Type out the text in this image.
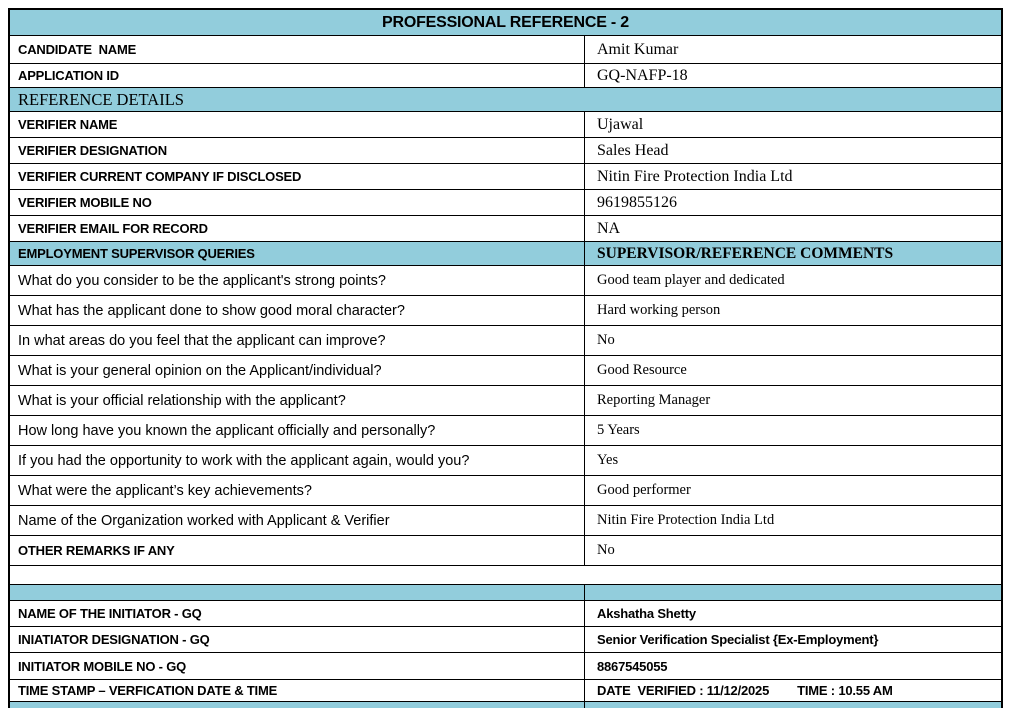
PROFESSIONAL REFERENCE - 2
CANDIDATE  NAME	Amit Kumar
APPLICATION ID	GQ-NAFP-18
REFERENCE DETAILS
VERIFIER NAME	Ujawal
VERIFIER DESIGNATION	Sales Head
VERIFIER CURRENT COMPANY IF DISCLOSED	Nitin Fire Protection India Ltd
VERIFIER MOBILE NO	9619855126
VERIFIER EMAIL FOR RECORD	NA
EMPLOYMENT SUPERVISOR QUERIES	SUPERVISOR/REFERENCE COMMENTS
What do you consider to be the applicant's strong points?	Good team player and dedicated
What has the applicant done to show good moral character?	Hard working person
In what areas do you feel that the applicant can improve?	No
What is your general opinion on the Applicant/individual?	Good Resource
What is your official relationship with the applicant?	Reporting Manager
How long have you known the applicant officially and personally?	5 Years
If you had the opportunity to work with the applicant again, would you?	Yes
What were the applicant’s key achievements?	Good performer
Name of the Organization worked with Applicant & Verifier	Nitin Fire Protection India Ltd
OTHER REMARKS IF ANY	No
NAME OF THE INITIATOR - GQ	Akshatha Shetty
INIATIATOR DESIGNATION - GQ	Senior Verification Specialist {Ex-Employment}
INITIATOR MOBILE NO - GQ	8867545055
TIME STAMP – VERFICATION DATE & TIME	DATE  VERIFIED : 11/12/2025 TIME : 10.55 AM
